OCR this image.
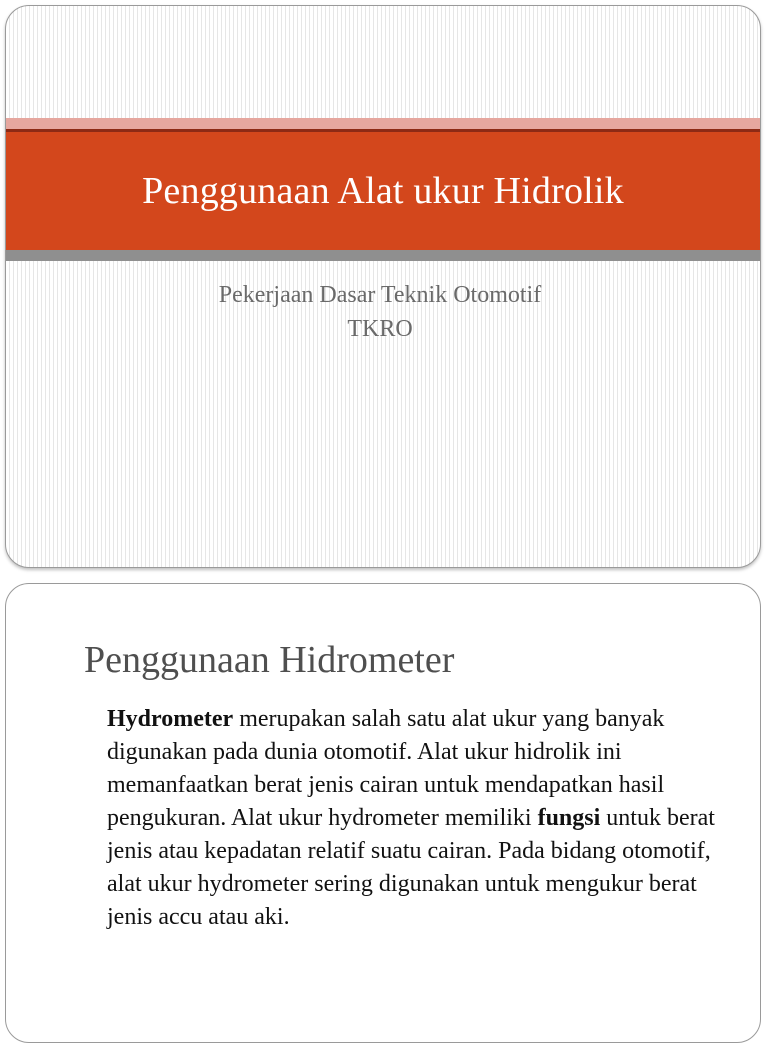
Penggunaan Alat ukur Hidrolik
Pekerjaan Dasar Teknik Otomotif
TKRO
Penggunaan Hidrometer

Hydrometer merupakan salah satu alat ukur yang banyak digunakan pada dunia otomotif. Alat ukur hidrolik ini memanfaatkan berat jenis cairan untuk mendapatkan hasil pengukuran. Alat ukur hydrometer memiliki fungsi untuk berat jenis atau kepadatan relatif suatu cairan. Pada bidang otomotif, alat ukur hydrometer sering digunakan untuk mengukur berat jenis accu atau aki.
